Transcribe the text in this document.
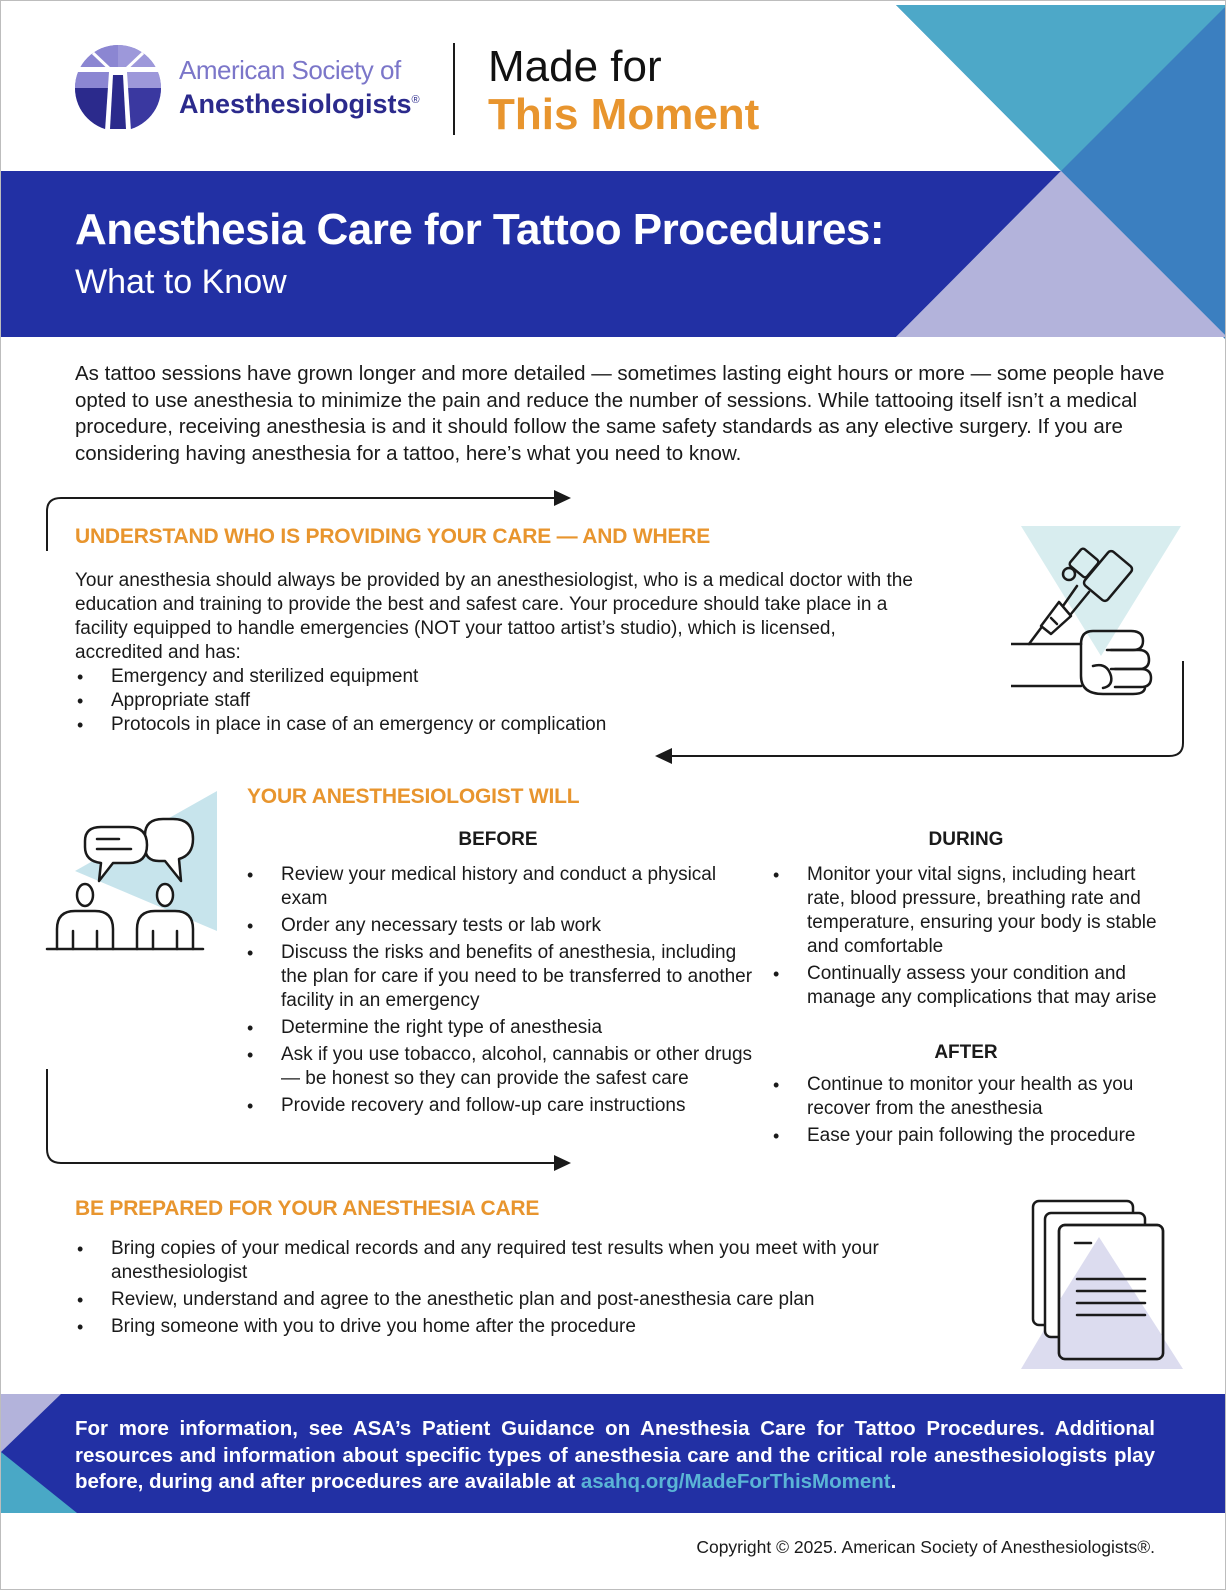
American Society of
Anesthesiologists®
Made for
This Moment
Anesthesia Care for Tattoo Procedures:
What to Know
As tattoo sessions have grown longer and more detailed — sometimes lasting eight hours or more — some people have opted to use anesthesia to minimize the pain and reduce the number of sessions. While tattooing itself isn’t a medical procedure, receiving anesthesia is and it should follow the same safety standards as any elective surgery. If you are considering having anesthesia for a tattoo, here’s what you need to know.
UNDERSTAND WHO IS PROVIDING YOUR CARE — AND WHERE
Your anesthesia should always be provided by an anesthesiologist, who is a medical doctor with the education and training to provide the best and safest care. Your procedure should take place in a facility equipped to handle emergencies (NOT your tattoo artist’s studio), which is licensed, accredited and has:
• Emergency and sterilized equipment
• Appropriate staff
• Protocols in place in case of an emergency or complication
YOUR ANESTHESIOLOGIST WILL
BEFORE
• Review your medical history and conduct a physical exam
• Order any necessary tests or lab work
• Discuss the risks and benefits of anesthesia, including the plan for care if you need to be transferred to another facility in an emergency
• Determine the right type of anesthesia
• Ask if you use tobacco, alcohol, cannabis or other drugs — be honest so they can provide the safest care
• Provide recovery and follow-up care instructions
DURING
• Monitor your vital signs, including heart rate, blood pressure, breathing rate and temperature, ensuring your body is stable and comfortable
• Continually assess your condition and manage any complications that may arise
AFTER
• Continue to monitor your health as you recover from the anesthesia
• Ease your pain following the procedure
BE PREPARED FOR YOUR ANESTHESIA CARE
• Bring copies of your medical records and any required test results when you meet with your anesthesiologist
• Review, understand and agree to the anesthetic plan and post-anesthesia care plan
• Bring someone with you to drive you home after the procedure
For more information, see ASA’s Patient Guidance on Anesthesia Care for Tattoo Procedures. Additional resources and information about specific types of anesthesia care and the critical role anesthesiologists play before, during and after procedures are available at asahq.org/MadeForThisMoment.
Copyright © 2025. American Society of Anesthesiologists®.
